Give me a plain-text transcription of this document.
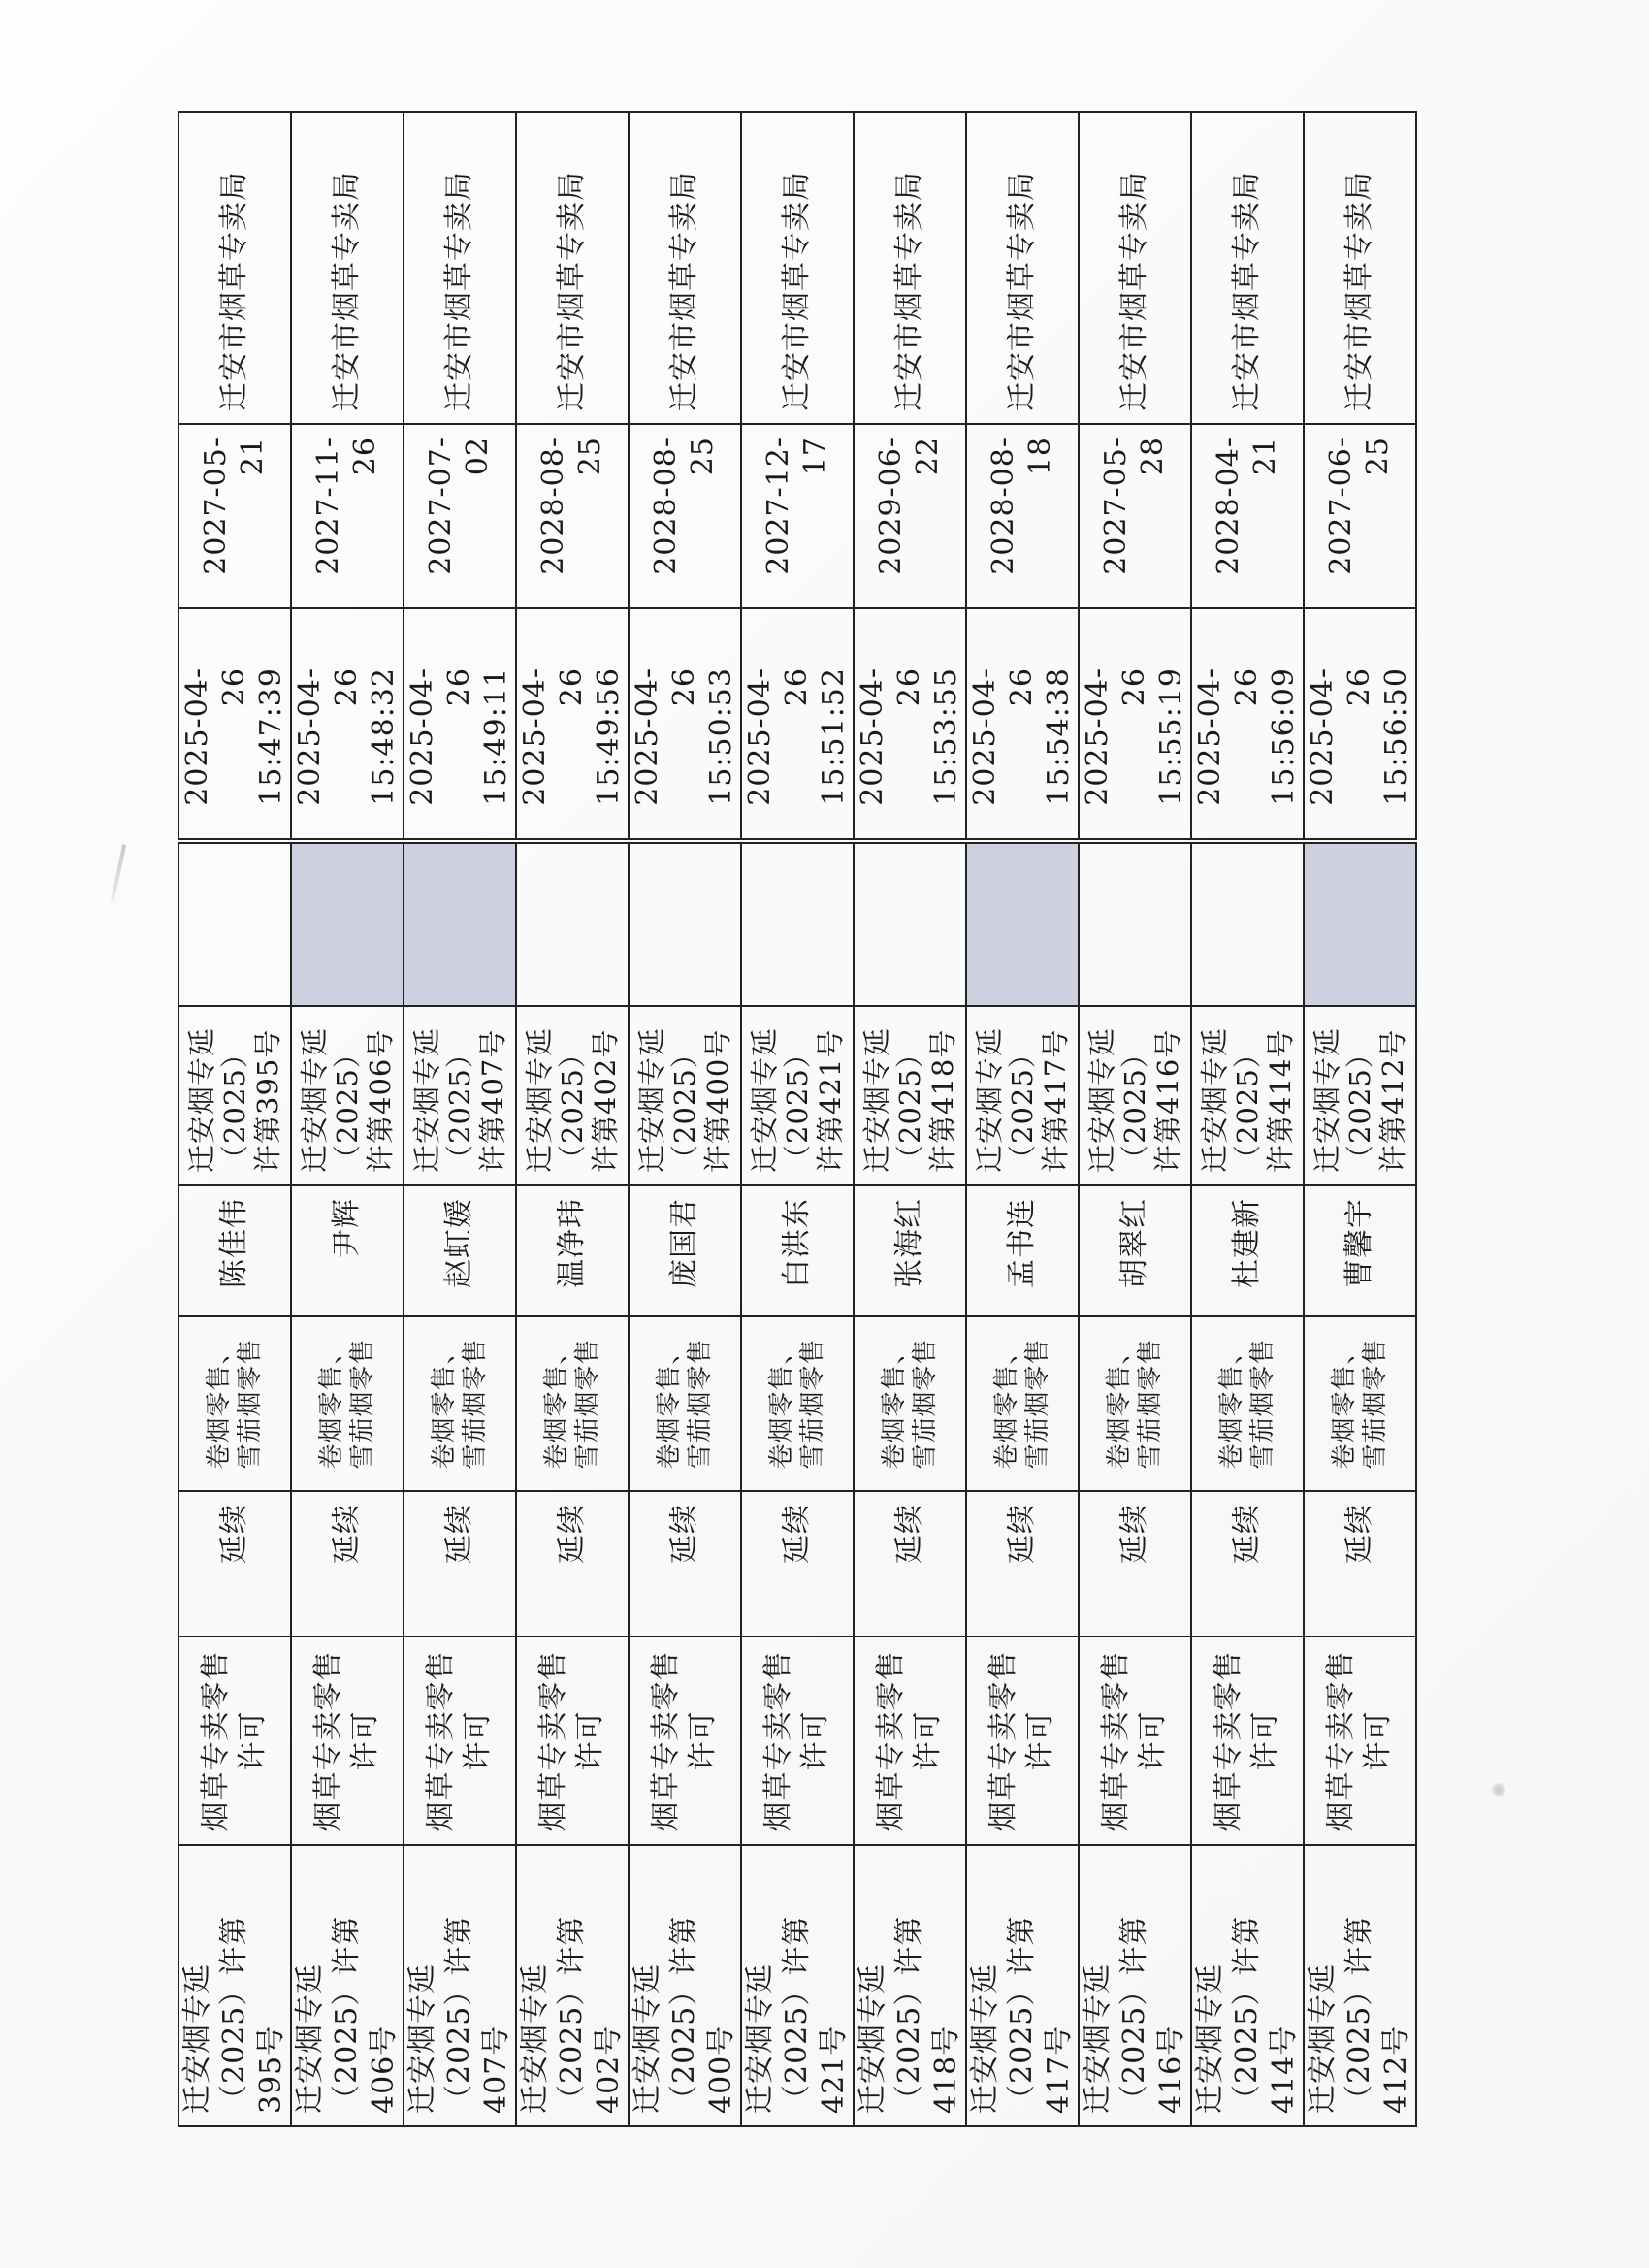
迁安烟专延（2025）许第395号	烟草专卖零售许可	延续	卷烟零售、雪茄烟零售	陈佳伟	迁安烟专延（2025）许第395号		2025-04-26 15:47:39	2027-05-21	迁安市烟草专卖局
迁安烟专延（2025）许第406号	烟草专卖零售许可	延续	卷烟零售、雪茄烟零售	尹辉	迁安烟专延（2025）许第406号		2025-04-26 15:48:32	2027-11-26	迁安市烟草专卖局
迁安烟专延（2025）许第407号	烟草专卖零售许可	延续	卷烟零售、雪茄烟零售	赵虹媛	迁安烟专延（2025）许第407号		2025-04-26 15:49:11	2027-07-02	迁安市烟草专卖局
迁安烟专延（2025）许第402号	烟草专卖零售许可	延续	卷烟零售、雪茄烟零售	温净玮	迁安烟专延（2025）许第402号		2025-04-26 15:49:56	2028-08-25	迁安市烟草专卖局
迁安烟专延（2025）许第400号	烟草专卖零售许可	延续	卷烟零售、雪茄烟零售	庞国君	迁安烟专延（2025）许第400号		2025-04-26 15:50:53	2028-08-25	迁安市烟草专卖局
迁安烟专延（2025）许第421号	烟草专卖零售许可	延续	卷烟零售、雪茄烟零售	白洪东	迁安烟专延（2025）许第421号		2025-04-26 15:51:52	2027-12-17	迁安市烟草专卖局
迁安烟专延（2025）许第418号	烟草专卖零售许可	延续	卷烟零售、雪茄烟零售	张海红	迁安烟专延（2025）许第418号		2025-04-26 15:53:55	2029-06-22	迁安市烟草专卖局
迁安烟专延（2025）许第417号	烟草专卖零售许可	延续	卷烟零售、雪茄烟零售	孟书连	迁安烟专延（2025）许第417号		2025-04-26 15:54:38	2028-08-18	迁安市烟草专卖局
迁安烟专延（2025）许第416号	烟草专卖零售许可	延续	卷烟零售、雪茄烟零售	胡翠红	迁安烟专延（2025）许第416号		2025-04-26 15:55:19	2027-05-28	迁安市烟草专卖局
迁安烟专延（2025）许第414号	烟草专卖零售许可	延续	卷烟零售、雪茄烟零售	杜建新	迁安烟专延（2025）许第414号		2025-04-26 15:56:09	2028-04-21	迁安市烟草专卖局
迁安烟专延（2025）许第412号	烟草专卖零售许可	延续	卷烟零售、雪茄烟零售	曹馨宇	迁安烟专延（2025）许第412号		2025-04-26 15:56:50	2027-06-25	迁安市烟草专卖局
